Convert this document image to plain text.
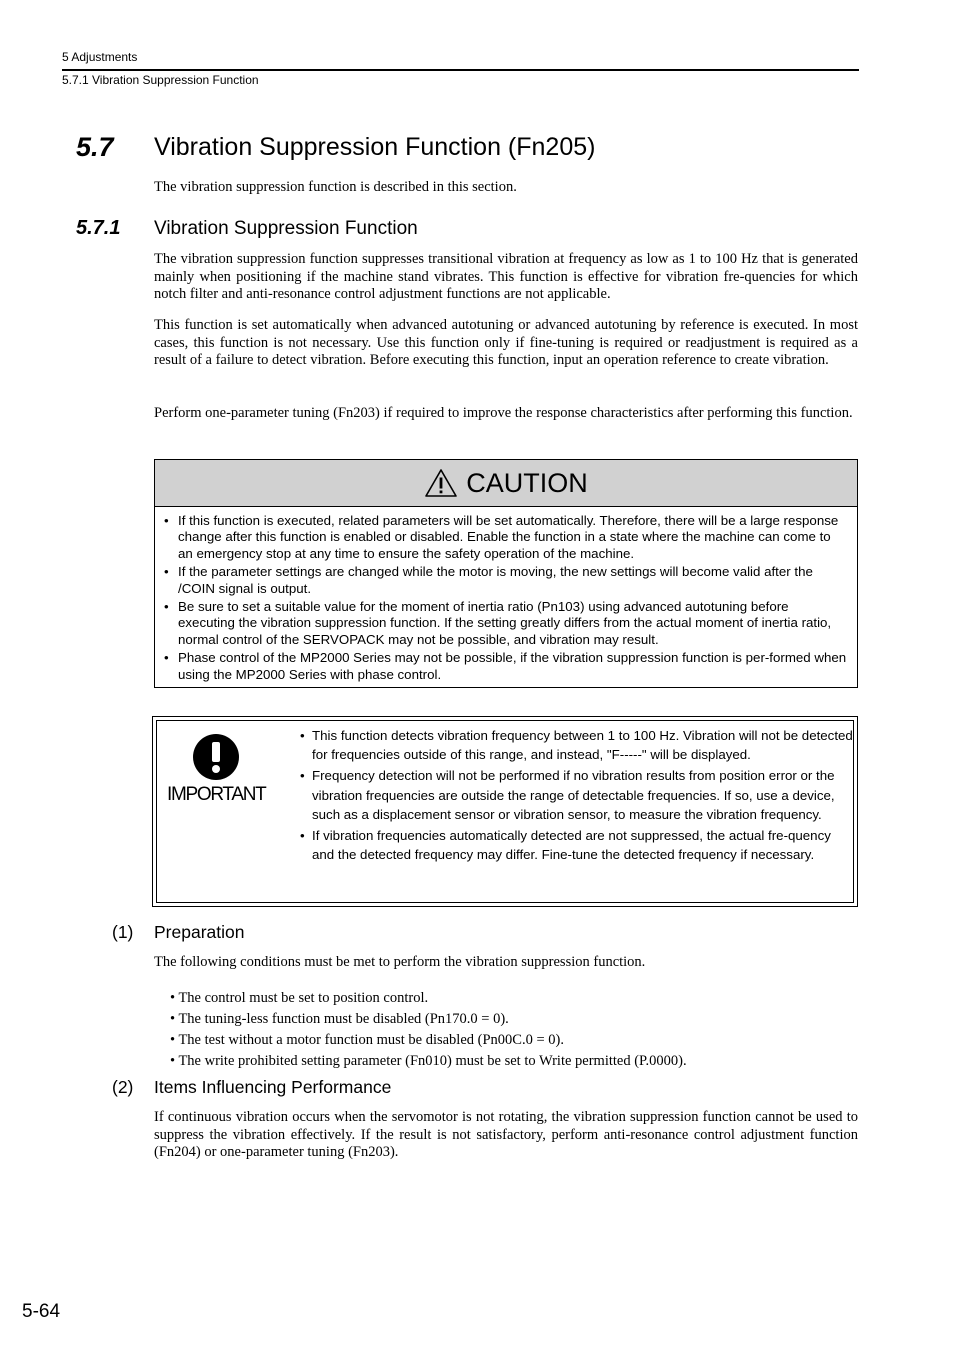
5 Adjustments
5.7.1 Vibration Suppression Function
5.7 Vibration Suppression Function (Fn205)
The vibration suppression function is described in this section.
5.7.1 Vibration Suppression Function
The vibration suppression function suppresses transitional vibration at frequency as low as 1 to 100 Hz that is generated mainly when positioning if the machine stand vibrates. This function is effective for vibration fre-quencies for which notch filter and anti-resonance control adjustment functions are not applicable.
This function is set automatically when advanced autotuning or advanced autotuning by reference is executed. In most cases, this function is not necessary. Use this function only if fine-tuning is required or readjustment is required as a result of a failure to detect vibration. Before executing this function, input an operation reference to create vibration.
Perform one-parameter tuning (Fn203) if required to improve the response characteristics after performing this function.
CAUTION
• If this function is executed, related parameters will be set automatically. Therefore, there will be a large response change after this function is enabled or disabled. Enable the function in a state where the machine can come to an emergency stop at any time to ensure the safety operation of the machine.
• If the parameter settings are changed while the motor is moving, the new settings will become valid after the /COIN signal is output.
• Be sure to set a suitable value for the moment of inertia ratio (Pn103) using advanced autotuning before executing the vibration suppression function. If the setting greatly differs from the actual moment of inertia ratio, normal control of the SERVOPACK may not be possible, and vibration may result.
• Phase control of the MP2000 Series may not be possible, if the vibration suppression function is per-formed when using the MP2000 Series with phase control.
IMPORTANT
• This function detects vibration frequency between 1 to 100 Hz. Vibration will not be detected for frequencies outside of this range, and instead, "F-----" will be displayed.
• Frequency detection will not be performed if no vibration results from position error or the vibration frequencies are outside the range of detectable frequencies. If so, use a device, such as a displacement sensor or vibration sensor, to measure the vibration frequency.
• If vibration frequencies automatically detected are not suppressed, the actual fre-quency and the detected frequency may differ. Fine-tune the detected frequency if necessary.
(1) Preparation
The following conditions must be met to perform the vibration suppression function.
• The control must be set to position control.
• The tuning-less function must be disabled (Pn170.0 = 0).
• The test without a motor function must be disabled (Pn00C.0 = 0).
• The write prohibited setting parameter (Fn010) must be set to Write permitted (P.0000).
(2) Items Influencing Performance
If continuous vibration occurs when the servomotor is not rotating, the vibration suppression function cannot be used to suppress the vibration effectively. If the result is not satisfactory, perform anti-resonance control adjustment function (Fn204) or one-parameter tuning (Fn203).
5-64
